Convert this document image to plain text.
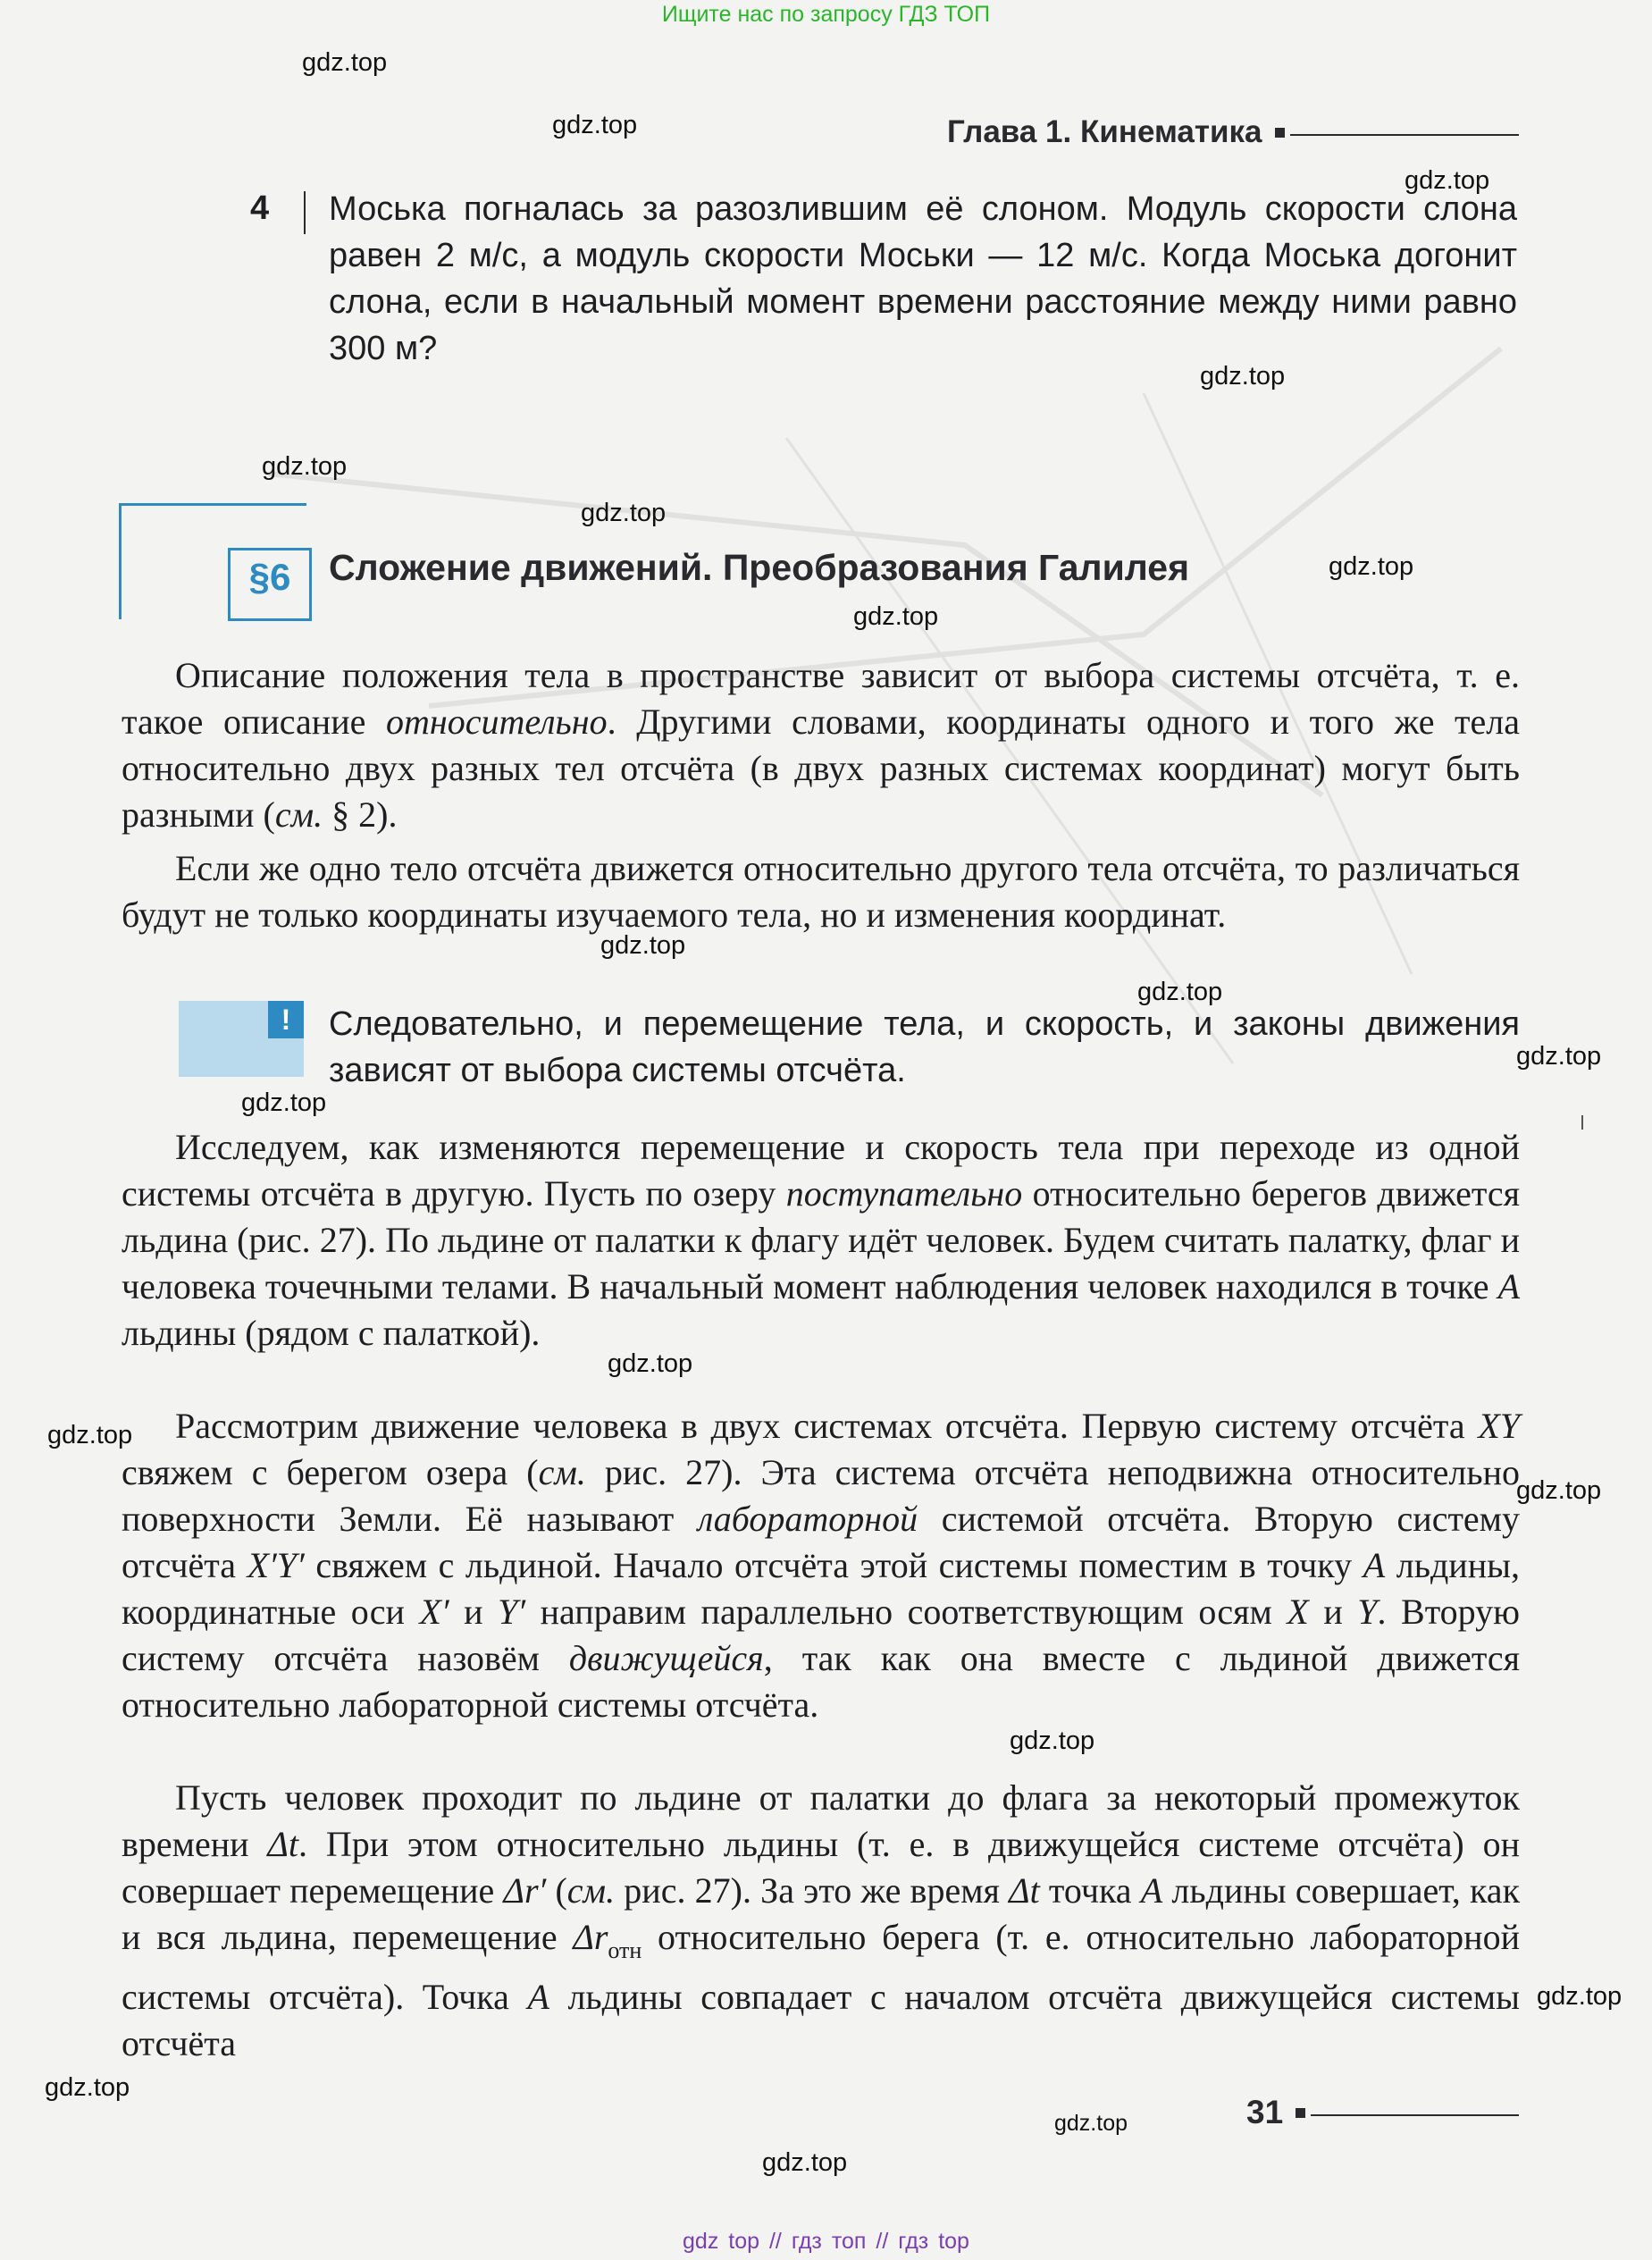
Ищите нас по запросу ГДЗ ТОП
gdz.top
gdz.top
gdz.top
gdz.top
gdz.top
gdz.top
gdz.top
gdz.top
gdz.top
gdz.top
gdz.top
gdz.top
gdz.top
gdz.top
gdz.top
gdz.top
gdz.top
gdz.top
gdz.top
gdz.top
Глава 1. Кинематика
4 Моська погналась за разозлившим её слоном. Модуль скорости слона равен 2 м/с, а модуль скорости Моськи — 12 м/с. Когда Моська догонит слона, если в начальный момент времени расстояние между ними равно 300 м?
§6	Сложение движений. Преобразования Галилея
Описание положения тела в пространстве зависит от выбора системы отсчёта, т. е. такое описание относительно. Другими словами, координаты одного и того же тела относительно двух разных тел отсчёта (в двух разных системах координат) могут быть разными (см. § 2).
Если же одно тело отсчёта движется относительно другого тела отсчёта, то различаться будут не только координаты изучаемого тела, но и изменения координат.
!	Следовательно, и перемещение тела, и скорость, и законы движения зависят от выбора системы отсчёта.
Исследуем, как изменяются перемещение и скорость тела при переходе из одной системы отсчёта в другую. Пусть по озеру поступательно относительно берегов движется льдина (рис. 27). По льдине от палатки к флагу идёт человек. Будем считать палатку, флаг и человека точечными телами. В начальный момент наблюдения человек находился в точке A льдины (рядом с палаткой).
Рассмотрим движение человека в двух системах отсчёта. Первую систему отсчёта XY свяжем с берегом озера (см. рис. 27). Эта система отсчёта неподвижна относительно поверхности Земли. Её называют лабораторной системой отсчёта. Вторую систему отсчёта X′Y′ свяжем с льдиной. Начало отсчёта этой системы поместим в точку A льдины, координатные оси X′ и Y′ направим параллельно соответствующим осям X и Y. Вторую систему отсчёта назовём движущейся, так как она вместе с льдиной движется относительно лабораторной системы отсчёта.
Пусть человек проходит по льдине от палатки до флага за некоторый промежуток времени Δt. При этом относительно льдины (т. е. в движущейся системе отсчёта) он совершает перемещение Δr′ (см. рис. 27). За это же время Δt точка A льдины совершает, как и вся льдина, перемещение $\Delta r_{отн}$ относительно берега (т. е. относительно лабораторной системы отсчёта). Точка A льдины совпадает с началом отсчёта движущейся системы отсчёта
31
gdz top // гдз топ // гдз top
